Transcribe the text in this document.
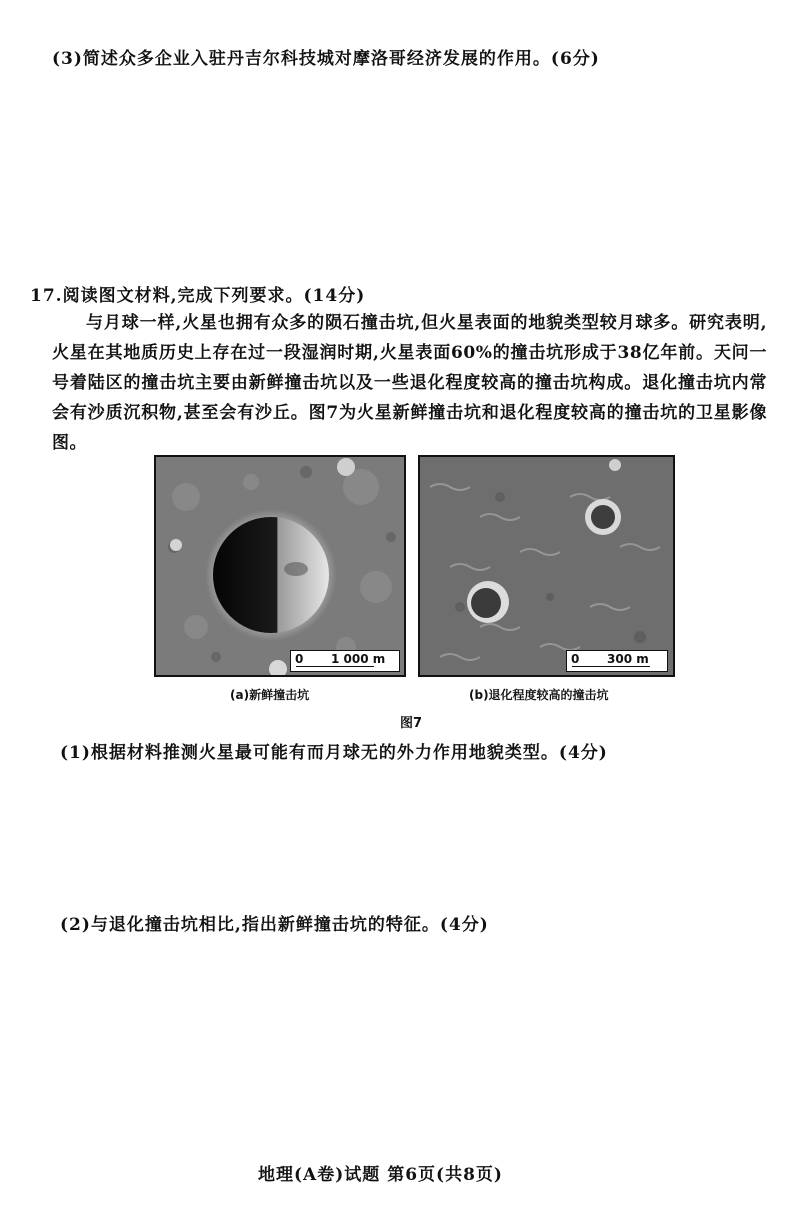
(3)简述众多企业入驻丹吉尔科技城对摩洛哥经济发展的作用。(6分)
17.阅读图文材料,完成下列要求。(14分)

与月球一样,火星也拥有众多的陨石撞击坑,但火星表面的地貌类型较月球多。研究表明,火星在其地质历史上存在过一段湿润时期,火星表面60%的撞击坑形成于38亿年前。天问一号着陆区的撞击坑主要由新鲜撞击坑以及一些退化程度较高的撞击坑构成。退化撞击坑内常会有沙质沉积物,甚至会有沙丘。图7为火星新鲜撞击坑和退化程度较高的撞击坑的卫星影像图。

0 1 000 m	0 300 m
(a)新鲜撞击坑	(b)退化程度较高的撞击坑
图7
(1)根据材料推测火星最可能有而月球无的外力作用地貌类型。(4分)
(2)与退化撞击坑相比,指出新鲜撞击坑的特征。(4分)
地理(A卷)试题 第6页(共8页)
